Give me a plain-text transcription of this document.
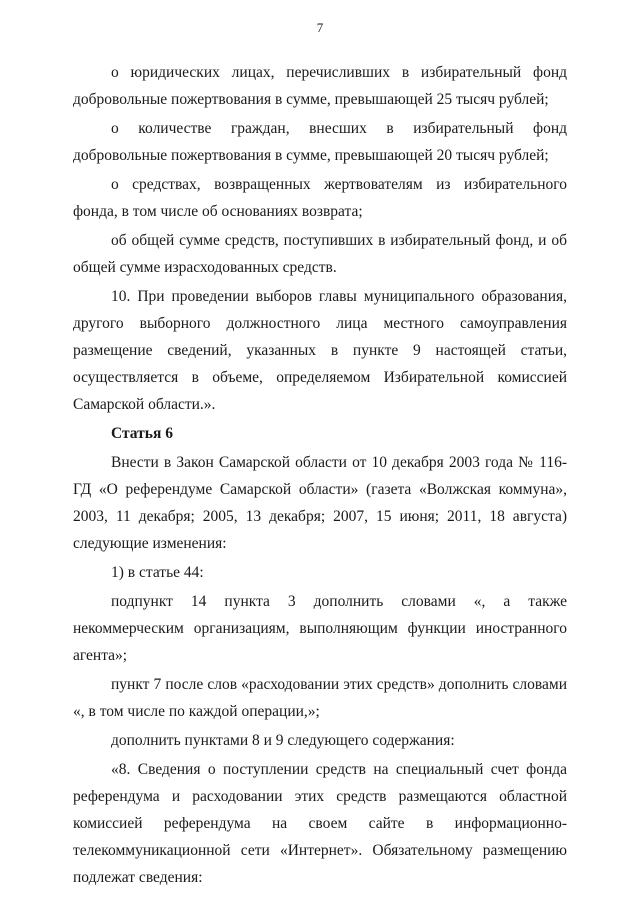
7

о юридических лицах, перечисливших в избирательный фонд добровольные пожертвования в сумме, превышающей 25 тысяч рублей;

о количестве граждан, внесших в избирательный фонд добровольные пожертвования в сумме, превышающей 20 тысяч рублей;

о средствах, возвращенных жертвователям из избирательного фонда, в том числе об основаниях возврата;

об общей сумме средств, поступивших в избирательный фонд, и об общей сумме израсходованных средств.

10. При проведении выборов главы муниципального образования, другого выборного должностного лица местного самоуправления размещение сведений, указанных в пункте 9 настоящей статьи, осуществляется в объеме, определяемом Избирательной комиссией Самарской области.».

Статья 6

Внести в Закон Самарской области от 10 декабря 2003 года № 116-ГД «О референдуме Самарской области» (газета «Волжская коммуна», 2003, 11 декабря; 2005, 13 декабря; 2007, 15 июня; 2011, 18 августа) следующие изменения:

1) в статье 44:

подпункт 14 пункта 3 дополнить словами «, а также некоммерческим организациям, выполняющим функции иностранного агента»;

пункт 7 после слов «расходовании этих средств» дополнить словами «, в том числе по каждой операции,»;

дополнить пунктами 8 и 9 следующего содержания:

«8. Сведения о поступлении средств на специальный счет фонда референдума и расходовании этих средств размещаются областной комиссией референдума на своем сайте в информационно-телекоммуникационной сети «Интернет». Обязательному размещению подлежат сведения:
